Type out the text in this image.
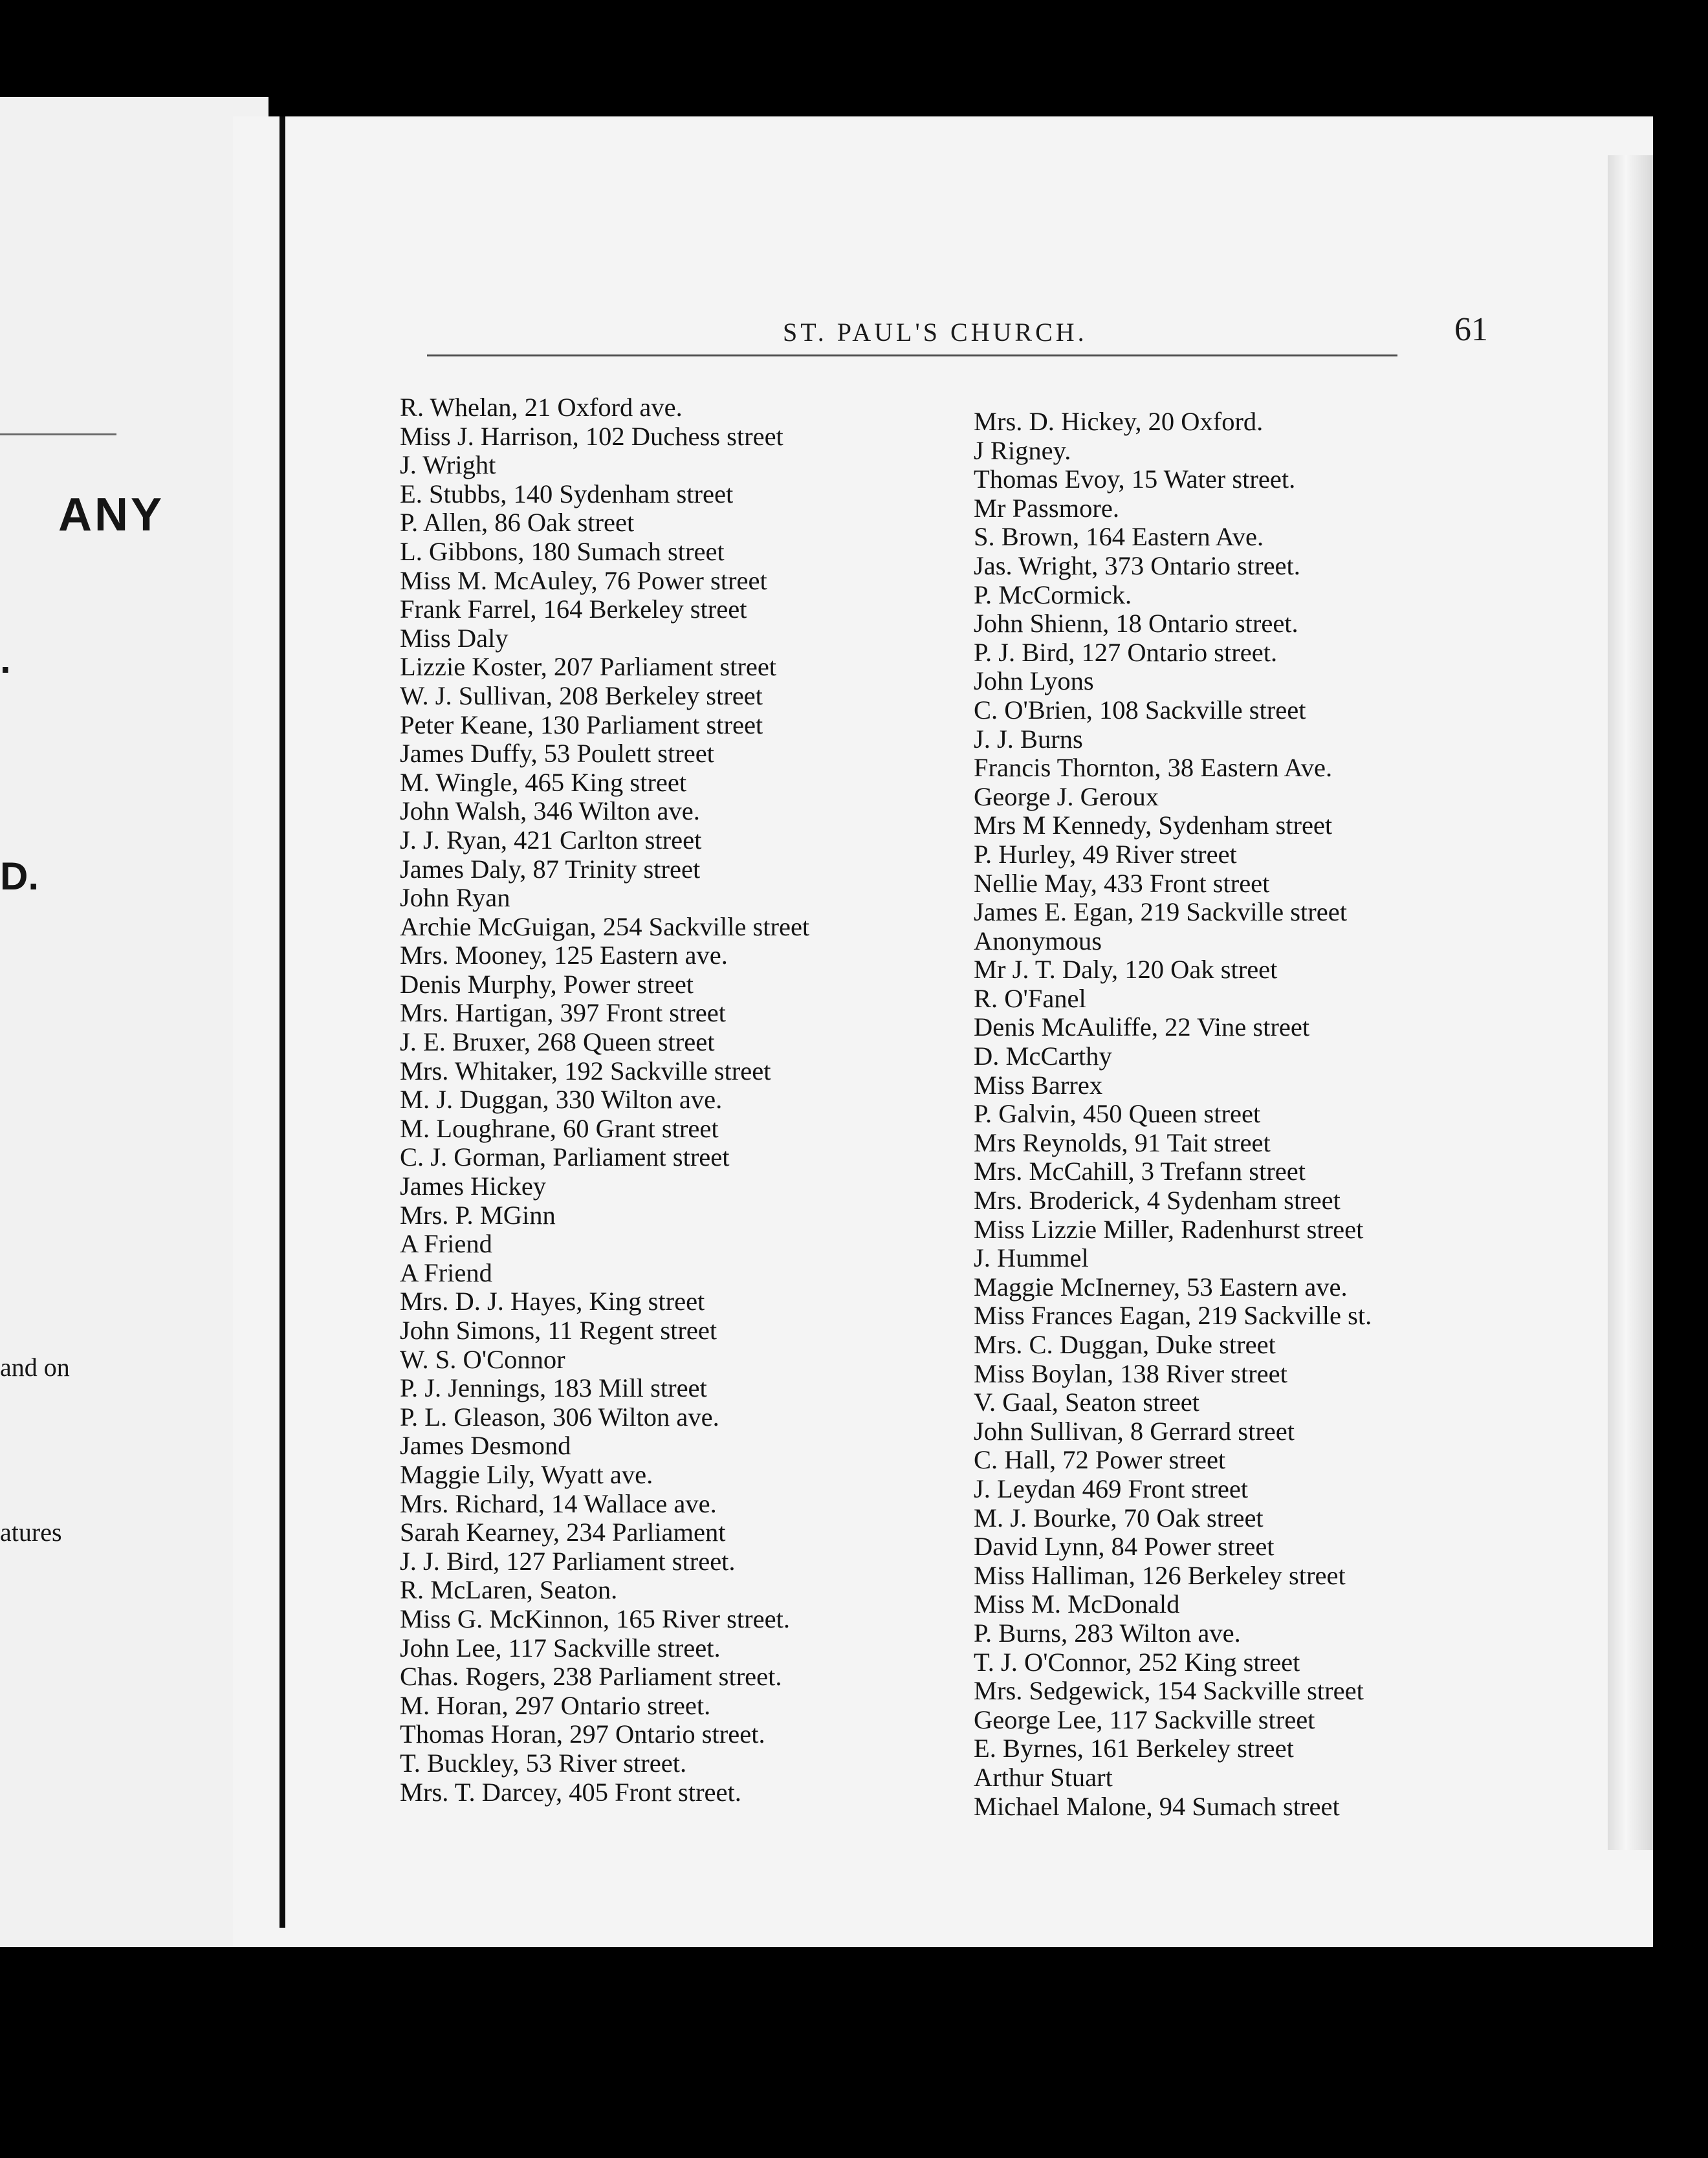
ANY
.
D.
and on
atures
ST. PAUL'S CHURCH.	61
R. Whelan, 21 Oxford ave.
Miss J. Harrison, 102 Duchess street
J. Wright
E. Stubbs, 140 Sydenham street
P. Allen, 86 Oak street
L. Gibbons, 180 Sumach street
Miss M. McAuley, 76 Power street
Frank Farrel, 164 Berkeley street
Miss Daly
Lizzie Koster, 207 Parliament street
W. J. Sullivan, 208 Berkeley street
Peter Keane, 130 Parliament street
James Duffy, 53 Poulett street
M. Wingle, 465 King street
John Walsh, 346 Wilton ave.
J. J. Ryan, 421 Carlton street
James Daly, 87 Trinity street
John Ryan
Archie McGuigan, 254 Sackville street
Mrs. Mooney, 125 Eastern ave.
Denis Murphy, Power street
Mrs. Hartigan, 397 Front street
J. E. Bruxer, 268 Queen street
Mrs. Whitaker, 192 Sackville street
M. J. Duggan, 330 Wilton ave.
M. Loughrane, 60 Grant street
C. J. Gorman, Parliament street
James Hickey
Mrs. P. MGinn
A Friend
A Friend
Mrs. D. J. Hayes, King street
John Simons, 11 Regent street
W. S. O'Connor
P. J. Jennings, 183 Mill street
P. L. Gleason, 306 Wilton ave.
James Desmond
Maggie Lily, Wyatt ave.
Mrs. Richard, 14 Wallace ave.
Sarah Kearney, 234 Parliament
J. J. Bird, 127 Parliament street.
R. McLaren, Seaton.
Miss G. McKinnon, 165 River street.
John Lee, 117 Sackville street.
Chas. Rogers, 238 Parliament street.
M. Horan, 297 Ontario street.
Thomas Horan, 297 Ontario street.
T. Buckley, 53 River street.
Mrs. T. Darcey, 405 Front street.
Mrs. D. Hickey, 20 Oxford.
J Rigney.
Thomas Evoy, 15 Water street.
Mr Passmore.
S. Brown, 164 Eastern Ave.
Jas. Wright, 373 Ontario street.
P. McCormick.
John Shienn, 18 Ontario street.
P. J. Bird, 127 Ontario street.
John Lyons
C. O'Brien, 108 Sackville street
J. J. Burns
Francis Thornton, 38 Eastern Ave.
George J. Geroux
Mrs M Kennedy, Sydenham street
P. Hurley, 49 River street
Nellie May, 433 Front street
James E. Egan, 219 Sackville street
Anonymous
Mr J. T. Daly, 120 Oak street
R. O'Fanel
Denis McAuliffe, 22 Vine street
D. McCarthy
Miss Barrex
P. Galvin, 450 Queen street
Mrs Reynolds, 91 Tait street
Mrs. McCahill, 3 Trefann street
Mrs. Broderick, 4 Sydenham street
Miss Lizzie Miller, Radenhurst street
J. Hummel
Maggie McInerney, 53 Eastern ave.
Miss Frances Eagan, 219 Sackville st.
Mrs. C. Duggan, Duke street
Miss Boylan, 138 River street
V. Gaal, Seaton street
John Sullivan, 8 Gerrard street
C. Hall, 72 Power street
J. Leydan 469 Front street
M. J. Bourke, 70 Oak street
David Lynn, 84 Power street
Miss Halliman, 126 Berkeley street
Miss M. McDonald
P. Burns, 283 Wilton ave.
T. J. O'Connor, 252 King street
Mrs. Sedgewick, 154 Sackville street
George Lee, 117 Sackville street
E. Byrnes, 161 Berkeley street
Arthur Stuart
Michael Malone, 94 Sumach street
